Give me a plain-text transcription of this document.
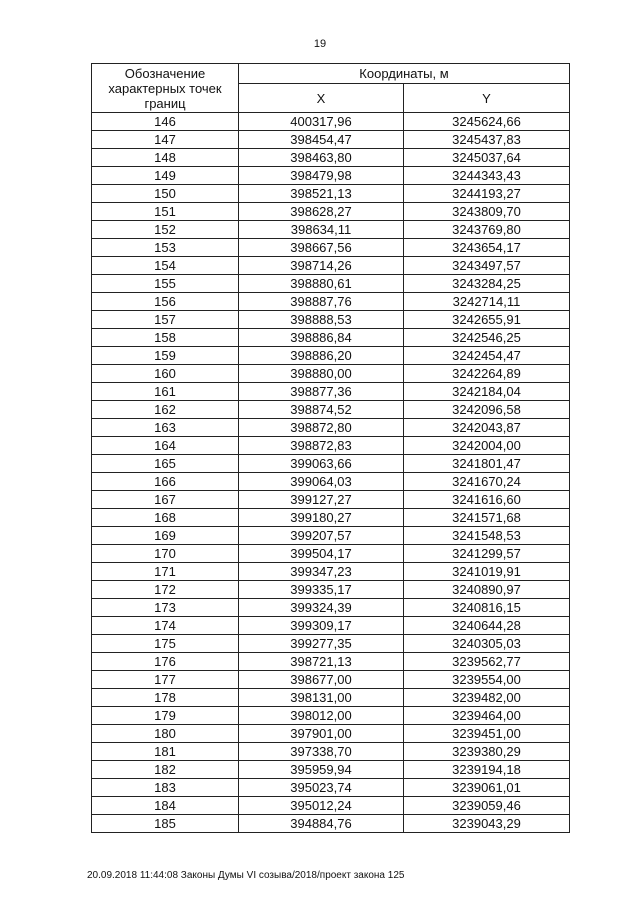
19
Обозначение характерных точек границ	Координаты, м	
	X	Y
146	400317,96	3245624,66
147	398454,47	3245437,83
148	398463,80	3245037,64
149	398479,98	3244343,43
150	398521,13	3244193,27
151	398628,27	3243809,70
152	398634,11	3243769,80
153	398667,56	3243654,17
154	398714,26	3243497,57
155	398880,61	3243284,25
156	398887,76	3242714,11
157	398888,53	3242655,91
158	398886,84	3242546,25
159	398886,20	3242454,47
160	398880,00	3242264,89
161	398877,36	3242184,04
162	398874,52	3242096,58
163	398872,80	3242043,87
164	398872,83	3242004,00
165	399063,66	3241801,47
166	399064,03	3241670,24
167	399127,27	3241616,60
168	399180,27	3241571,68
169	399207,57	3241548,53
170	399504,17	3241299,57
171	399347,23	3241019,91
172	399335,17	3240890,97
173	399324,39	3240816,15
174	399309,17	3240644,28
175	399277,35	3240305,03
176	398721,13	3239562,77
177	398677,00	3239554,00
178	398131,00	3239482,00
179	398012,00	3239464,00
180	397901,00	3239451,00
181	397338,70	3239380,29
182	395959,94	3239194,18
183	395023,74	3239061,01
184	395012,24	3239059,46
185	394884,76	3239043,29
20.09.2018 11:44:08 Законы Думы VI созыва/2018/проект закона 125
